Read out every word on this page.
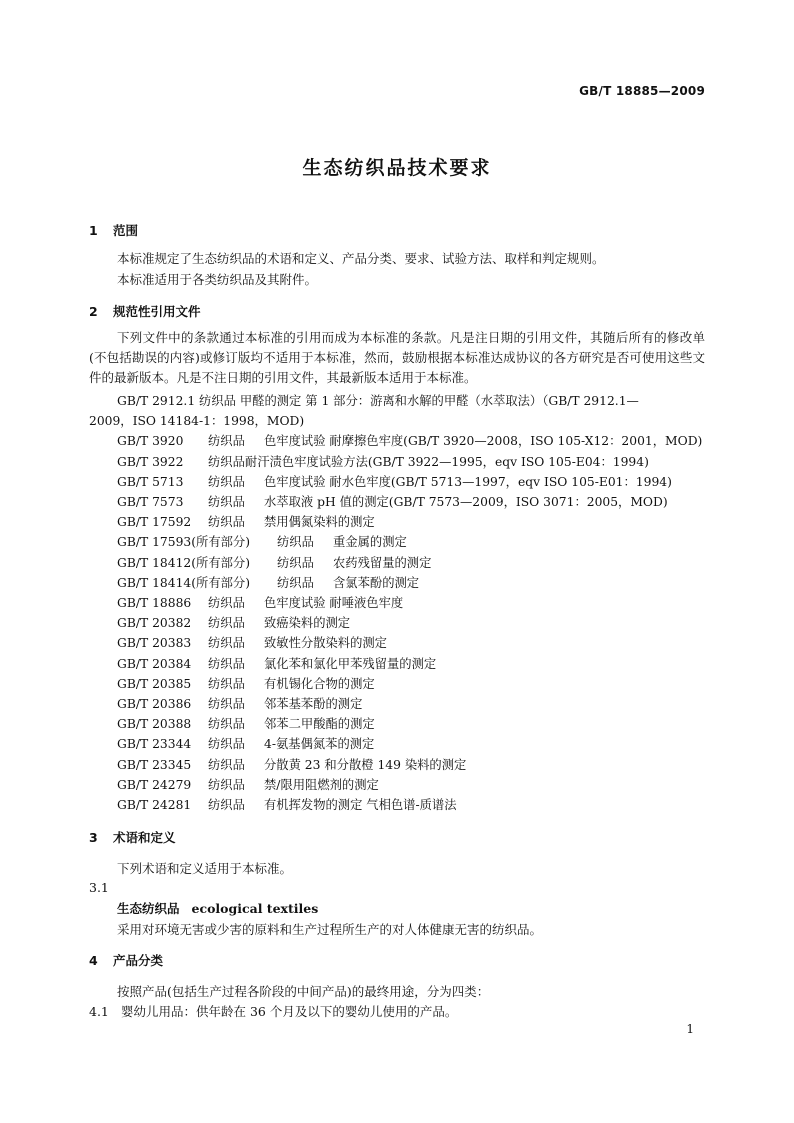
GB/T 18885—2009
生态纺织品技术要求
1 范围
本标准规定了生态纺织品的术语和定义、产品分类、要求、试验方法、取样和判定规则。
本标准适用于各类纺织品及其附件。
2 规范性引用文件
下列文件中的条款通过本标准的引用而成为本标准的条款。凡是注日期的引用文件，其随后所有的修改单(不包括勘误的内容)或修订版均不适用于本标准，然而，鼓励根据本标准达成协议的各方研究是否可使用这些文件的最新版本。凡是不注日期的引用文件，其最新版本适用于本标准。
GB/T 2912.1 纺织品 甲醛的测定 第 1 部分：游离和水解的甲醛（水萃取法）（GB/T 2912.1—
2009，ISO 14184-1：1998，MOD)
GB/T 3920 纺织品 色牢度试验 耐摩擦色牢度(GB/T 3920—2008，ISO 105-X12：2001，MOD)
GB/T 3922 纺织品耐汗渍色牢度试验方法(GB/T 3922—1995，eqv ISO 105-E04：1994)
GB/T 5713 纺织品 色牢度试验 耐水色牢度(GB/T 5713—1997，eqv ISO 105-E01：1994)
GB/T 7573 纺织品 水萃取液 pH 值的测定(GB/T 7573—2009，ISO 3071：2005，MOD)
GB/T 17592 纺织品 禁用偶氮染料的测定
GB/T 17593(所有部分) 纺织品 重金属的测定
GB/T 18412(所有部分) 纺织品 农药残留量的测定
GB/T 18414(所有部分) 纺织品 含氯苯酚的测定
GB/T 18886 纺织品 色牢度试验 耐唾液色牢度
GB/T 20382 纺织品 致癌染料的测定
GB/T 20383 纺织品 致敏性分散染料的测定
GB/T 20384 纺织品 氯化苯和氯化甲苯残留量的测定
GB/T 20385 纺织品 有机锡化合物的测定
GB/T 20386 纺织品 邻苯基苯酚的测定
GB/T 20388 纺织品 邻苯二甲酸酯的测定
GB/T 23344 纺织品 4-氨基偶氮苯的测定
GB/T 23345 纺织品 分散黄 23 和分散橙 149 染料的测定
GB/T 24279 纺织品 禁/限用阻燃剂的测定
GB/T 24281 纺织品 有机挥发物的测定 气相色谱-质谱法
3 术语和定义
下列术语和定义适用于本标准。
3.1
生态纺织品 ecological textiles
采用对环境无害或少害的原料和生产过程所生产的对人体健康无害的纺织品。
4 产品分类
按照产品(包括生产过程各阶段的中间产品)的最终用途，分为四类：
4.1 婴幼儿用品：供年龄在 36 个月及以下的婴幼儿使用的产品。
1
